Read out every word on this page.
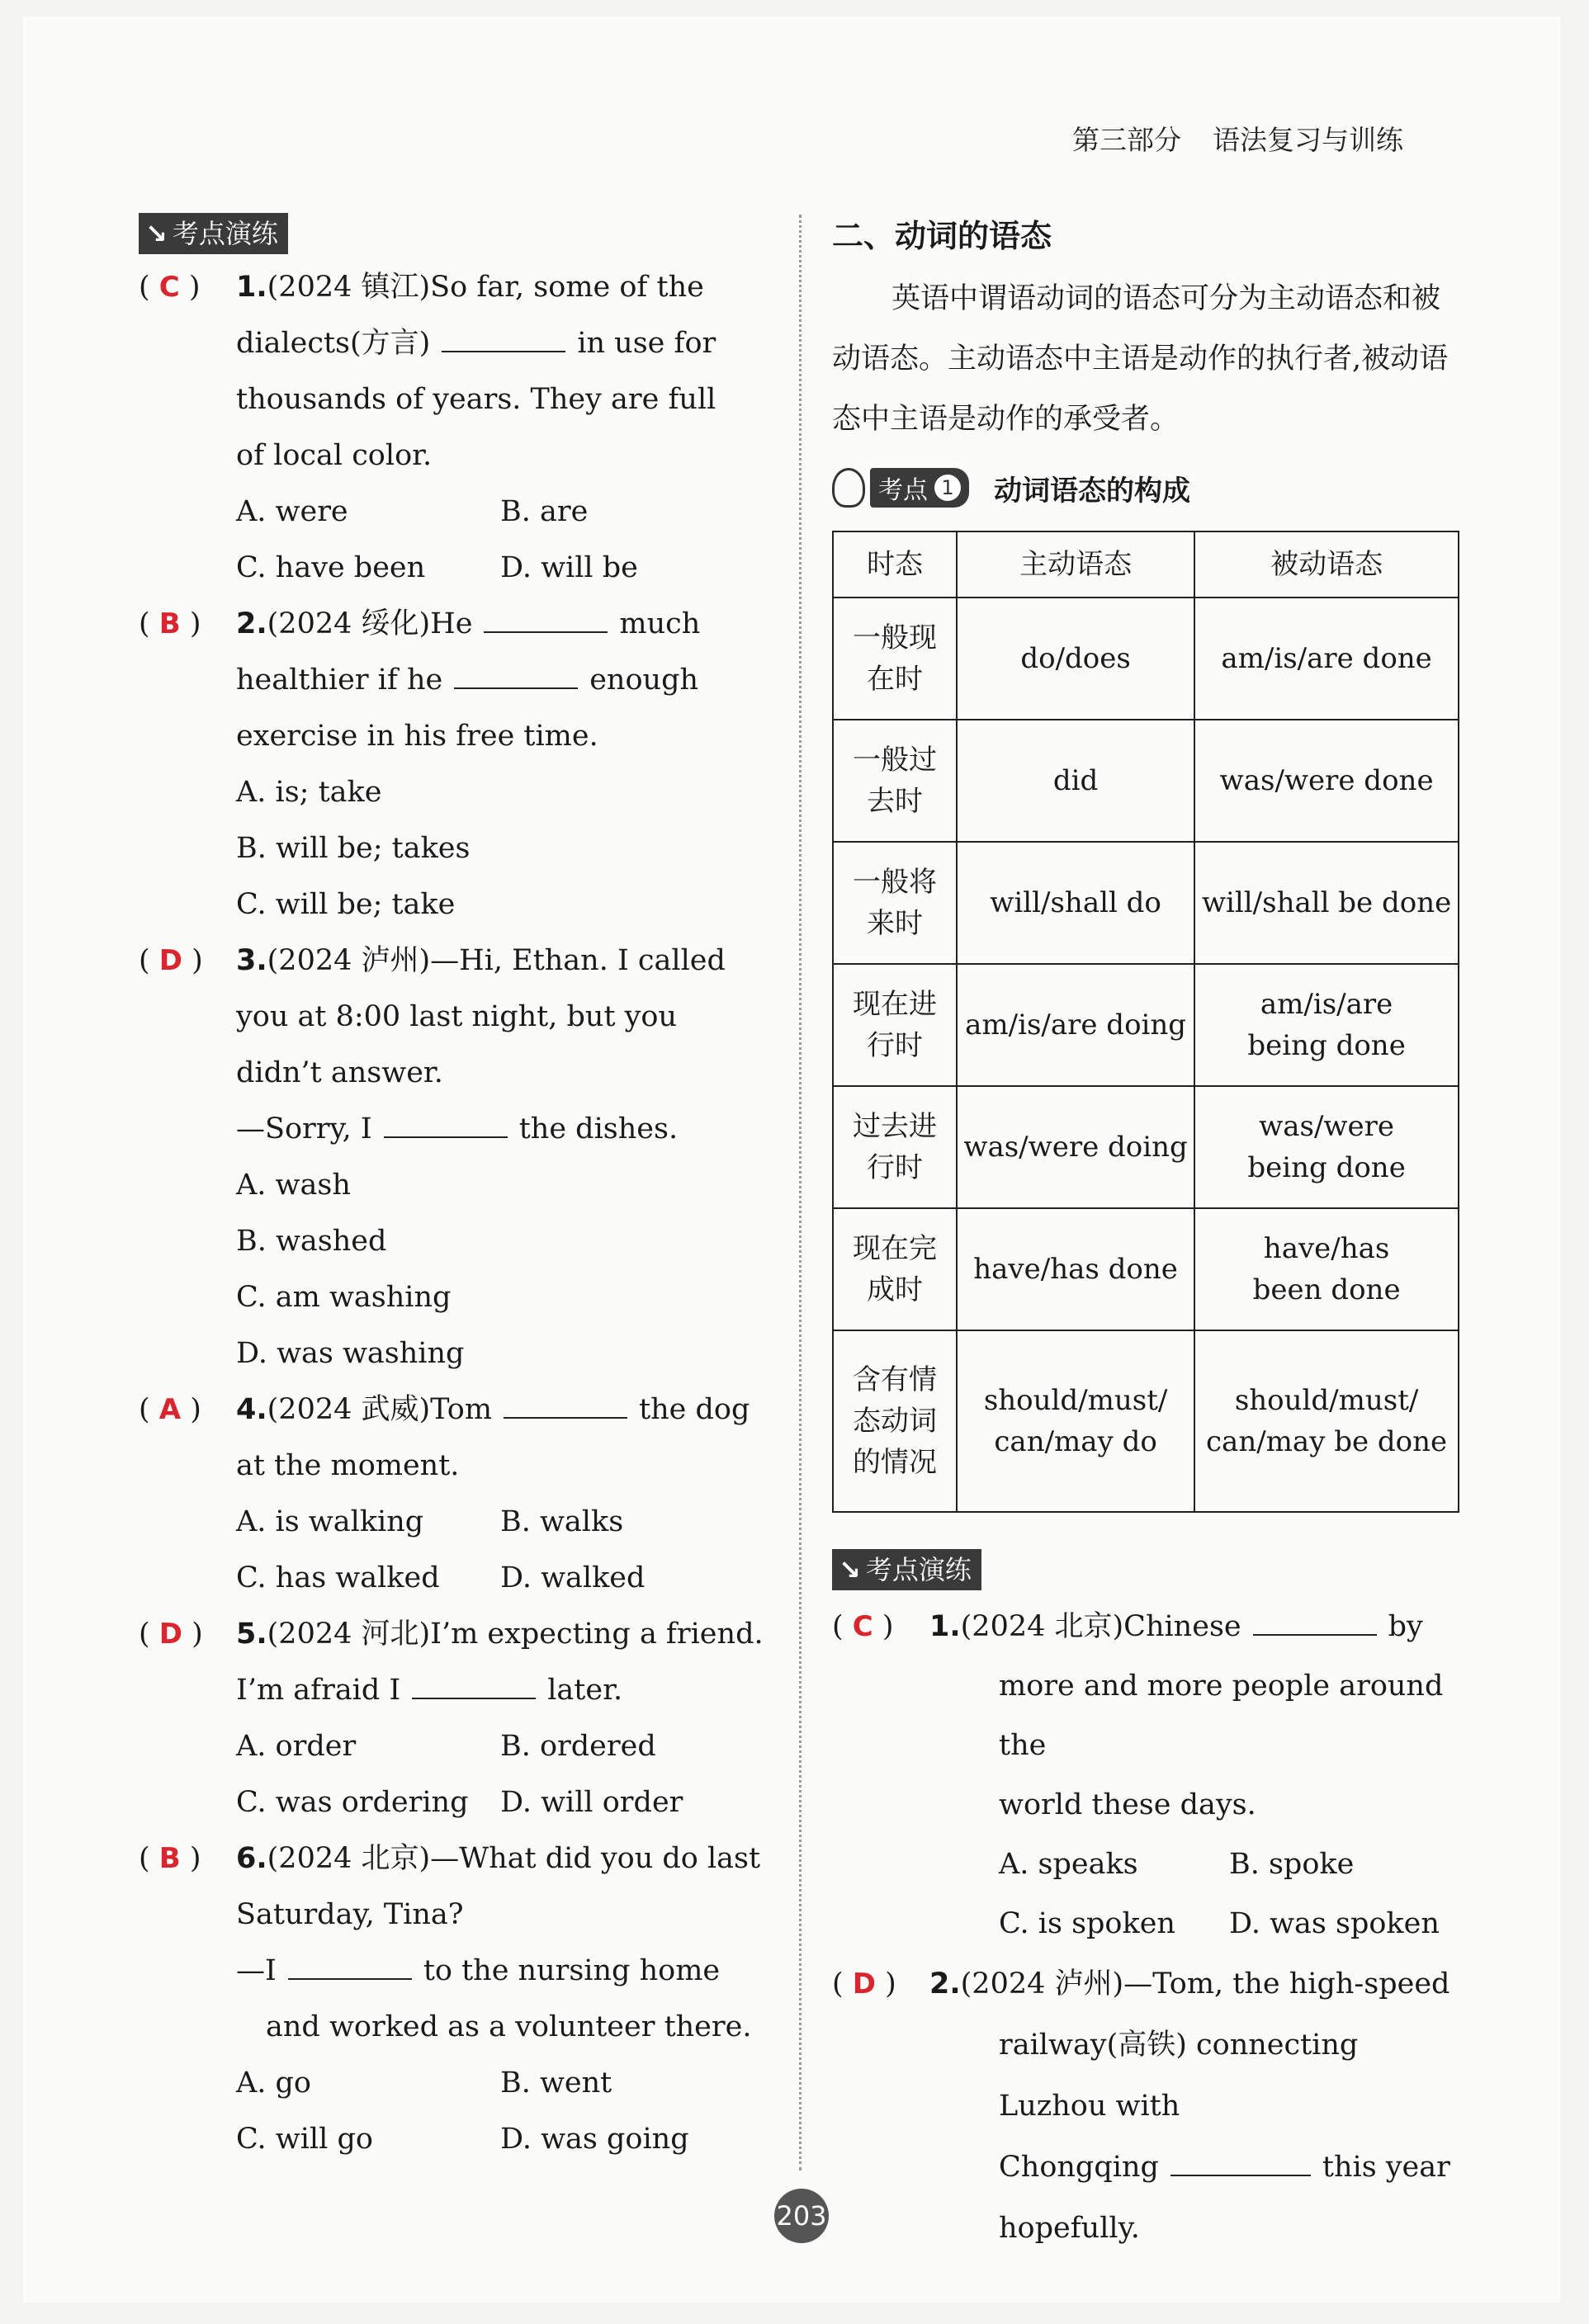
第三部分 语法复习与训练
↘ 考点演练
( C )	1.(2024 镇江)So far, some of the
dialects(方言)	in use for
thousands of years. They are full
of local color.
A. were	B. are
C. have been	D. will be
( B )	2.(2024 绥化)He	much
healthier if he	enough
exercise in his free time.
A. is; take
B. will be; takes
C. will be; take
( D )	3.(2024 泸州)—Hi, Ethan. I called
you at 8:00 last night, but you
didn’t answer.
—Sorry, I	the dishes.
A. wash
B. washed
C. am washing
D. was washing
( A )	4.(2024 武威)Tom	the dog
at the moment.
A. is walking	B. walks
C. has walked	D. walked
( D )	5.(2024 河北)I’m expecting a friend.
I’m afraid I	later.
A. order	B. ordered
C. was ordering	D. will order
( B )	6.(2024 北京)—What did you do last
Saturday, Tina?
—I	to the nursing home
and worked as a volunteer there.
A. go	B. went
C. will go	D. was going
二、动词的语态

英语中谓语动词的语态可分为主动语态和被动语态。主动语态中主语是动作的执行者,被动语态中主语是动作的承受者。

考点 1 动词语态的构成
时态	主动语态	被动语态
一般现
在时	do/does	am/is/are done
一般过
去时	did	was/were done
一般将
来时	will/shall do	will/shall be done
现在进
行时	am/is/are doing	am/is/are
being done
过去进
行时	was/were doing	was/were
being done
现在完
成时	have/has done	have/has
been done
含有情
态动词
的情况	should/must/
can/may do	should/must/
can/may be done
↘ 考点演练
( C )	1.(2024 北京)Chinese	by
more and more people around the
world these days.
A. speaks	B. spoke
C. is spoken	D. was spoken
( D )	2.(2024 泸州)—Tom, the high-speed
railway(高铁) connecting Luzhou with
Chongqing	this year
hopefully.
203
